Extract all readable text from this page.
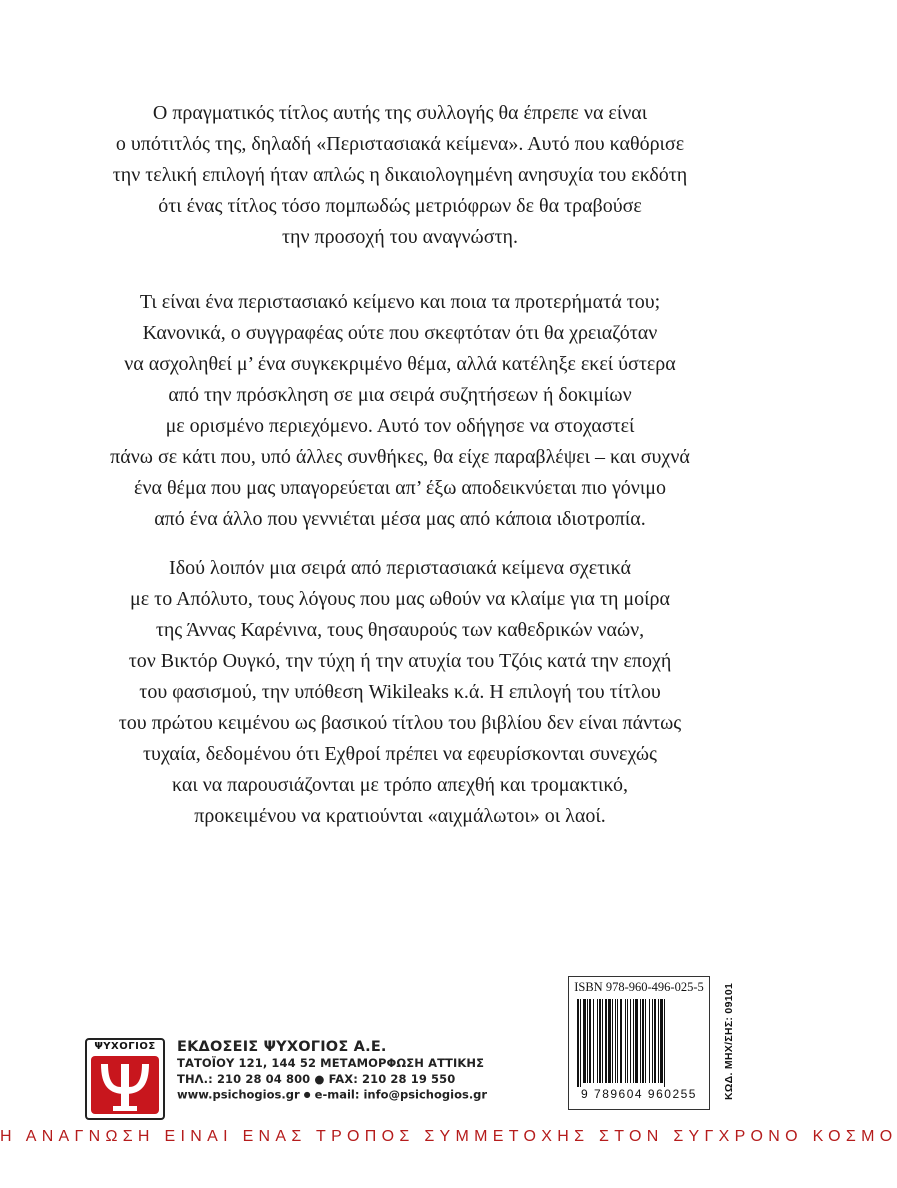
Ο πραγματικός τίτλος αυτής της συλλογής θα έπρεπε να είναι
ο υπότιτλός της, δηλαδή «Περιστασιακά κείμενα». Αυτό που καθόρισε
την τελική επιλογή ήταν απλώς η δικαιολογημένη ανησυχία του εκδότη
ότι ένας τίτλος τόσο πομπωδώς μετριόφρων δε θα τραβούσε
την προσοχή του αναγνώστη.
Τι είναι ένα περιστασιακό κείμενο και ποια τα προτερήματά του;
Κανονικά, ο συγγραφέας ούτε που σκεφτόταν ότι θα χρειαζόταν
να ασχοληθεί μ’ ένα συγκεκριμένο θέμα, αλλά κατέληξε εκεί ύστερα
από την πρόσκληση σε μια σειρά συζητήσεων ή δοκιμίων
με ορισμένο περιεχόμενο. Αυτό τον οδήγησε να στοχαστεί
πάνω σε κάτι που, υπό άλλες συνθήκες, θα είχε παραβλέψει – και συχνά
ένα θέμα που μας υπαγορεύεται απ’ έξω αποδεικνύεται πιο γόνιμο
από ένα άλλο που γεννιέται μέσα μας από κάποια ιδιοτροπία.
Ιδού λοιπόν μια σειρά από περιστασιακά κείμενα σχετικά
με το Απόλυτο, τους λόγους που μας ωθούν να κλαίμε για τη μοίρα
της Άννας Καρένινα, τους θησαυρούς των καθεδρικών ναών,
τον Βικτόρ Ουγκό, την τύχη ή την ατυχία του Τζόις κατά την εποχή
του φασισμού, την υπόθεση Wikileaks κ.ά. Η επιλογή του τίτλου
του πρώτου κειμένου ως βασικού τίτλου του βιβλίου δεν είναι πάντως
τυχαία, δεδομένου ότι Εχθροί πρέπει να εφευρίσκονται συνεχώς
και να παρουσιάζονται με τρόπο απεχθή και τρομακτικό,
προκειμένου να κρατιούνται «αιχμάλωτοι» οι λαοί.
ΨΥΧΟΓΙΟΣ	ΕΚΔΟΣΕΙΣ ΨΥΧΟΓΙΟΣ Α.Ε.
ΤΑΤΟΪΟΥ 121, 144 52 ΜΕΤΑΜΟΡΦΩΣΗ ΑΤΤΙΚΗΣ
ΤΗΛ.: 210 28 04 800 ● FAX: 210 28 19 550
www.psichogios.gr ● e-mail: info@psichogios.gr
ISBN 978-960-496-025-5
9 789604 960255	ΚΩΔ. ΜΗΧ/ΣΗΣ: 09101
Η ΑΝΑΓΝΩΣΗ ΕΙΝΑΙ ΕΝΑΣ ΤΡΟΠΟΣ ΣΥΜΜΕΤΟΧΗΣ ΣΤΟΝ ΣΥΓΧΡΟΝΟ ΚΟΣΜΟ
